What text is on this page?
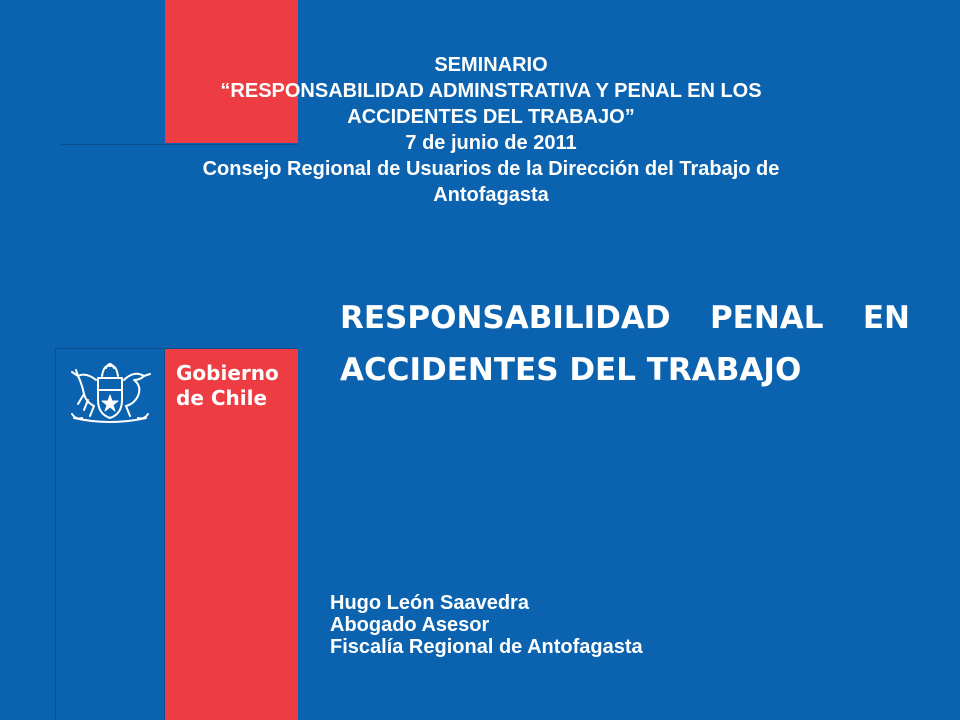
SEMINARIO
“RESPONSABILIDAD ADMINSTRATIVA Y PENAL EN LOS
ACCIDENTES DEL TRABAJO”
7 de junio de 2011
Consejo Regional de Usuarios de la Dirección del Trabajo de
Antofagasta
RESPONSABILIDAD PENAL EN
ACCIDENTES DEL TRABAJO
Gobierno
de Chile
Hugo León Saavedra
Abogado Asesor
Fiscalía Regional de Antofagasta
